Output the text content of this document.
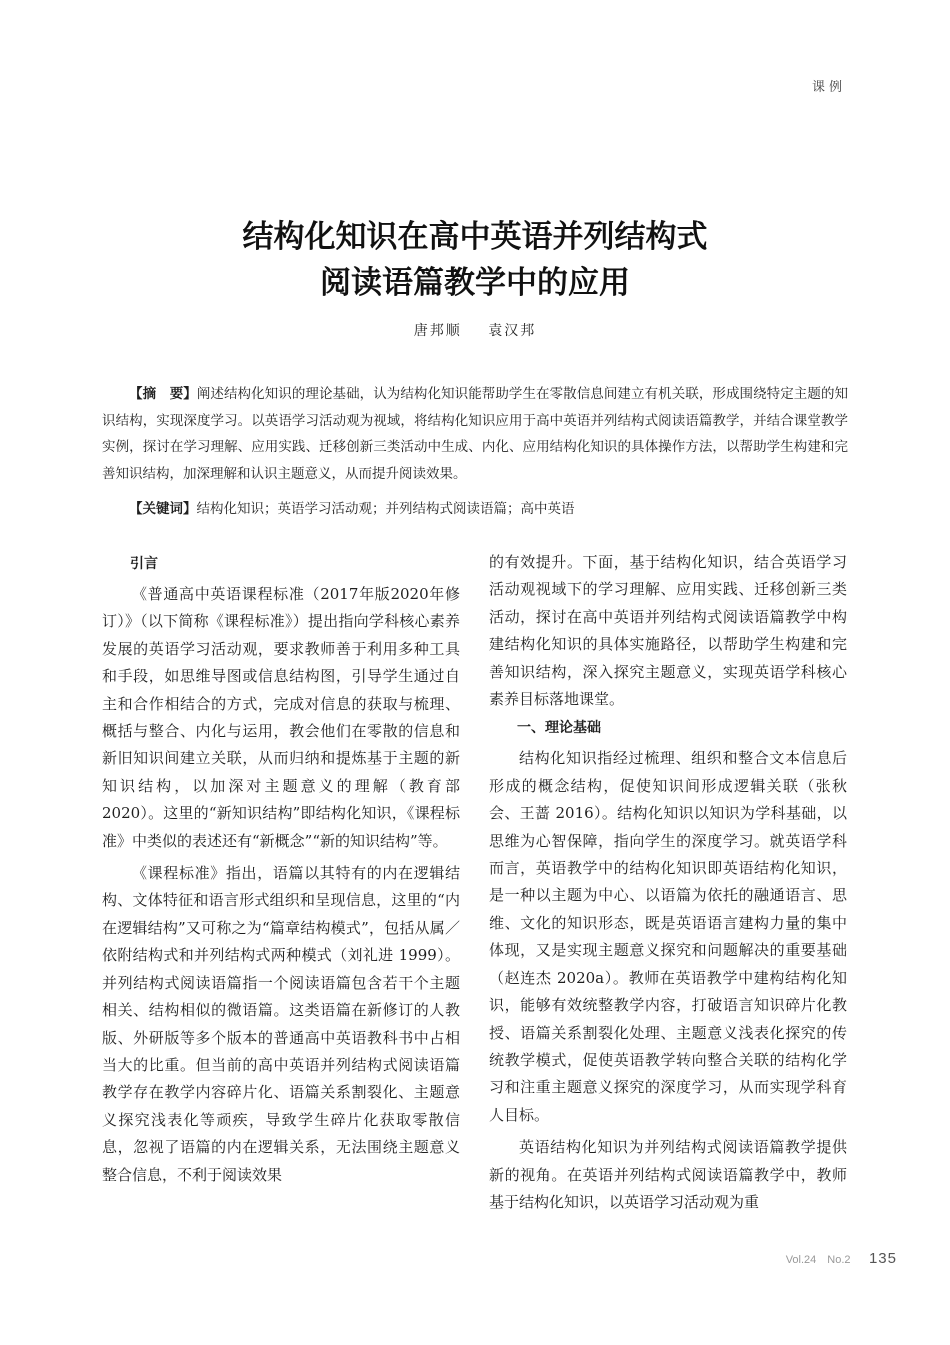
课例
结构化知识在高中英语并列结构式
阅读语篇教学中的应用
唐邦顺 袁汉邦

【摘　要】阐述结构化知识的理论基础，认为结构化知识能帮助学生在零散信息间建立有机关联，形成围绕特定主题的知识结构，实现深度学习。以英语学习活动观为视域，将结构化知识应用于高中英语并列结构式阅读语篇教学，并结合课堂教学实例，探讨在学习理解、应用实践、迁移创新三类活动中生成、内化、应用结构化知识的具体操作方法，以帮助学生构建和完善知识结构，加深理解和认识主题意义，从而提升阅读效果。

【关键词】结构化知识；英语学习活动观；并列结构式阅读语篇；高中英语

引言

《普通高中英语课程标准（2017年版2020年修订）》（以下简称《课程标准》）提出指向学科核心素养发展的英语学习活动观，要求教师善于利用多种工具和手段，如思维导图或信息结构图，引导学生通过自主和合作相结合的方式，完成对信息的获取与梳理、概括与整合、内化与运用，教会他们在零散的信息和新旧知识间建立关联，从而归纳和提炼基于主题的新知识结构，以加深对主题意义的理解（教育部 2020）。这里的“新知识结构”即结构化知识，《课程标准》中类似的表述还有“新概念”“新的知识结构”等。

《课程标准》指出，语篇以其特有的内在逻辑结构、文体特征和语言形式组织和呈现信息，这里的“内在逻辑结构”又可称之为“篇章结构模式”，包括从属／依附结构式和并列结构式两种模式（刘礼进 1999）。并列结构式阅读语篇指一个阅读语篇包含若干个主题相关、结构相似的微语篇。这类语篇在新修订的人教版、外研版等多个版本的普通高中英语教科书中占相当大的比重。但当前的高中英语并列结构式阅读语篇教学存在教学内容碎片化、语篇关系割裂化、主题意义探究浅表化等顽疾，导致学生碎片化获取零散信息，忽视了语篇的内在逻辑关系，无法围绕主题意义整合信息，不利于阅读效果

的有效提升。下面，基于结构化知识，结合英语学习活动观视域下的学习理解、应用实践、迁移创新三类活动，探讨在高中英语并列结构式阅读语篇教学中构建结构化知识的具体实施路径，以帮助学生构建和完善知识结构，深入探究主题意义，实现英语学科核心素养目标落地课堂。

一、理论基础

结构化知识指经过梳理、组织和整合文本信息后形成的概念结构，促使知识间形成逻辑关联（张秋会、王蔷 2016）。结构化知识以知识为学科基础，以思维为心智保障，指向学生的深度学习。就英语学科而言，英语教学中的结构化知识即英语结构化知识，是一种以主题为中心、以语篇为依托的融通语言、思维、文化的知识形态，既是英语语言建构力量的集中体现，又是实现主题意义探究和问题解决的重要基础（赵连杰 2020a）。教师在英语教学中建构结构化知识，能够有效统整教学内容，打破语言知识碎片化教授、语篇关系割裂化处理、主题意义浅表化探究的传统教学模式，促使英语教学转向整合关联的结构化学习和注重主题意义探究的深度学习，从而实现学科育人目标。

英语结构化知识为并列结构式阅读语篇教学提供新的视角。在英语并列结构式阅读语篇教学中，教师基于结构化知识，以英语学习活动观为重

Vol.24　No.2 135
